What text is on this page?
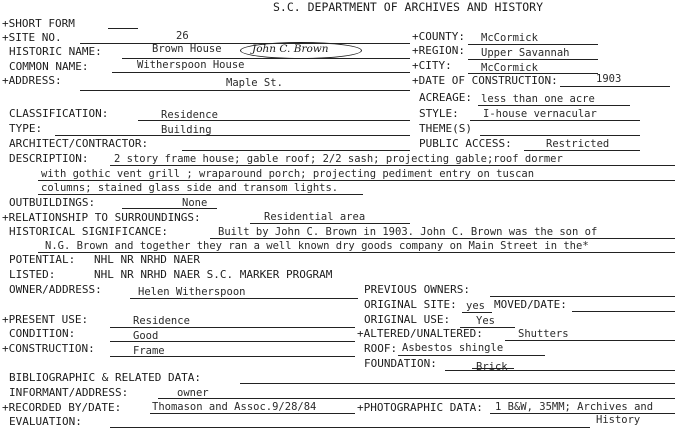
S.C. DEPARTMENT OF ARCHIVES AND HISTORY
+SHORT FORM
+SITE NO.	26
HISTORIC NAME:	Brown House	John C. Brown
COMMON NAME:	Witherspoon House
+ADDRESS:	Maple St.
+COUNTY: McCormick
+REGION: Upper Savannah
+CITY:	McCormick
+DATE OF CONSTRUCTION:	1903
ACREAGE: less than one acre
CLASSIFICATION:	Residence	STYLE: I-house vernacular
TYPE:	Building	THEME(S)
ARCHITECT/CONTRACTOR:	PUBLIC ACCESS:	Restricted
DESCRIPTION: 2 story frame house; gable roof; 2/2 sash; projecting gable;roof dormer
with gothic vent grill ; wraparound porch; projecting pediment entry on tuscan
columns; stained glass side and transom lights.
OUTBUILDINGS:	None
+RELATIONSHIP TO SURROUNDINGS:	Residential area
HISTORICAL SIGNIFICANCE:	Built by John C. Brown in 1903. John C. Brown was the son of
N.G. Brown and together they ran a well known dry goods company on Main Street in the*
POTENTIAL: NHL NR NRHD NAER
LISTED:	NHL NR NRHD NAER S.C. MARKER PROGRAM
OWNER/ADDRESS:	Helen Witherspoon	PREVIOUS OWNERS:
ORIGINAL SITE: yes MOVED/DATE:
ORIGINAL USE: Yes
+PRESENT USE:	Residence
CONDITION:	Good	+ALTERED/UNALTERED:	Shutters
+CONSTRUCTION:	Frame	ROOF: Asbestos shingle
FOUNDATION:	Brick
BIBLIOGRAPHIC & RELATED DATA:
INFORMANT/ADDRESS:	owner
+RECORDED BY/DATE:	Thomason and Assoc.9/28/84	+PHOTOGRAPHIC DATA: 1 B&W, 35MM; Archives and
History
EVALUATION:
